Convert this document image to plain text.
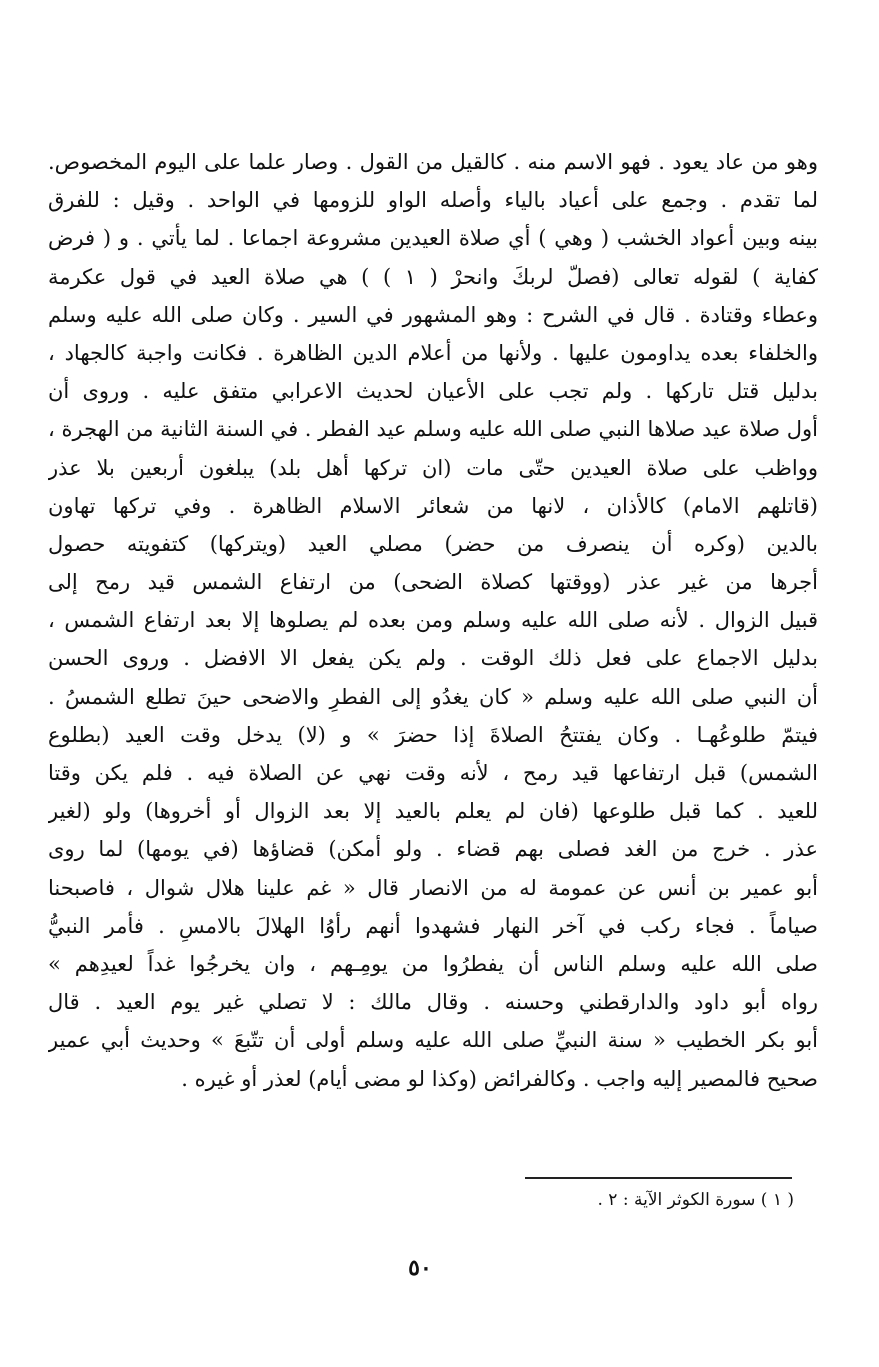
وهو من عاد يعود . فهو الاسم منه . كالقيل من القول . وصار علما على اليوم المخصوص.
لما تقدم . وجمع على أعياد بالياء وأصله الواو للزومها في الواحد . وقيل : للفرق
بينه وبين أعواد الخشب ( وهي ) أي صلاة العيدين مشروعة اجماعا . لما يأتي . و ( فرض
كفاية ) لقوله تعالى (فصلّ لربكَ وانحرْ ( ١ ) ) هي صلاة العيد في قول عكرمة
وعطاء وقتادة . قال في الشرح : وهو المشهور في السير . وكان صلى الله عليه وسلم
والخلفاء بعده يداومون عليها . ولأنها من أعلام الدين الظاهرة . فكانت واجبة كالجهاد ،
بدليل قتل تاركها . ولم تجب على الأعيان لحديث الاعرابي متفق عليه . وروى أن
أول صلاة عيد صلاها النبي صلى الله عليه وسلم عيد الفطر . في السنة الثانية من الهجرة ،
وواظب على صلاة العيدين حتّى مات (ان تركها أهل بلد) يبلغون أربعين بلا عذر
(قاتلهم الامام) كالأذان ، لانها من شعائر الاسلام الظاهرة . وفي تركها تهاون
بالدين (وكره أن ينصرف من حضر) مصلي العيد (ويتركها) كتفويته حصول
أجرها من غير عذر (ووقتها كصلاة الضحى) من ارتفاع الشمس قيد رمح إلى
قبيل الزوال . لأنه صلى الله عليه وسلم ومن بعده لم يصلوها إلا بعد ارتفاع الشمس ،
بدليل الاجماع على فعل ذلك الوقت . ولم يكن يفعل الا الافضل . وروى الحسن
أن النبي صلى الله عليه وسلم « كان يغدُو إلى الفطرِ والاضحى حينَ تطلع الشمسُ .
فيتمّ طلوعُهـا . وكان يفتتحُ الصلاةَ إذا حضرَ » و (لا) يدخل وقت العيد (بطلوع
الشمس) قبل ارتفاعها قيد رمح ، لأنه وقت نهي عن الصلاة فيه . فلم يكن وقتا
للعيد . كما قبل طلوعها (فان لم يعلم بالعيد إلا بعد الزوال أو أخروها) ولو (لغير
عذر . خرج من الغد فصلى بهم قضاء . ولو أمكن) قضاؤها (في يومها) لما روى
أبو عمير بن أنس عن عمومة له من الانصار قال « غم علينا هلال شوال ، فاصبحنا
صياماً . فجاء ركب في آخر النهار فشهدوا أنهم رأوُا الهلالَ بالامسِ . فأمر النبيُّ
صلى الله عليه وسلم الناس أن يفطرُوا من يومِـهم ، وان يخرجُوا غداً لعيدِهم »
رواه أبو داود والدارقطني وحسنه . وقال مالك : لا تصلي غير يوم العيد . قال
أبو بكر الخطيب « سنة النبيِّ صلى الله عليه وسلم أولى أن تتّبعَ » وحديث أبي عمير
صحيح فالمصير إليه واجب . وكالفرائض (وكذا لو مضى أيام) لعذر أو غيره .
( ١ ) سورة الكوثر الآية : ٢ .
٥٠
